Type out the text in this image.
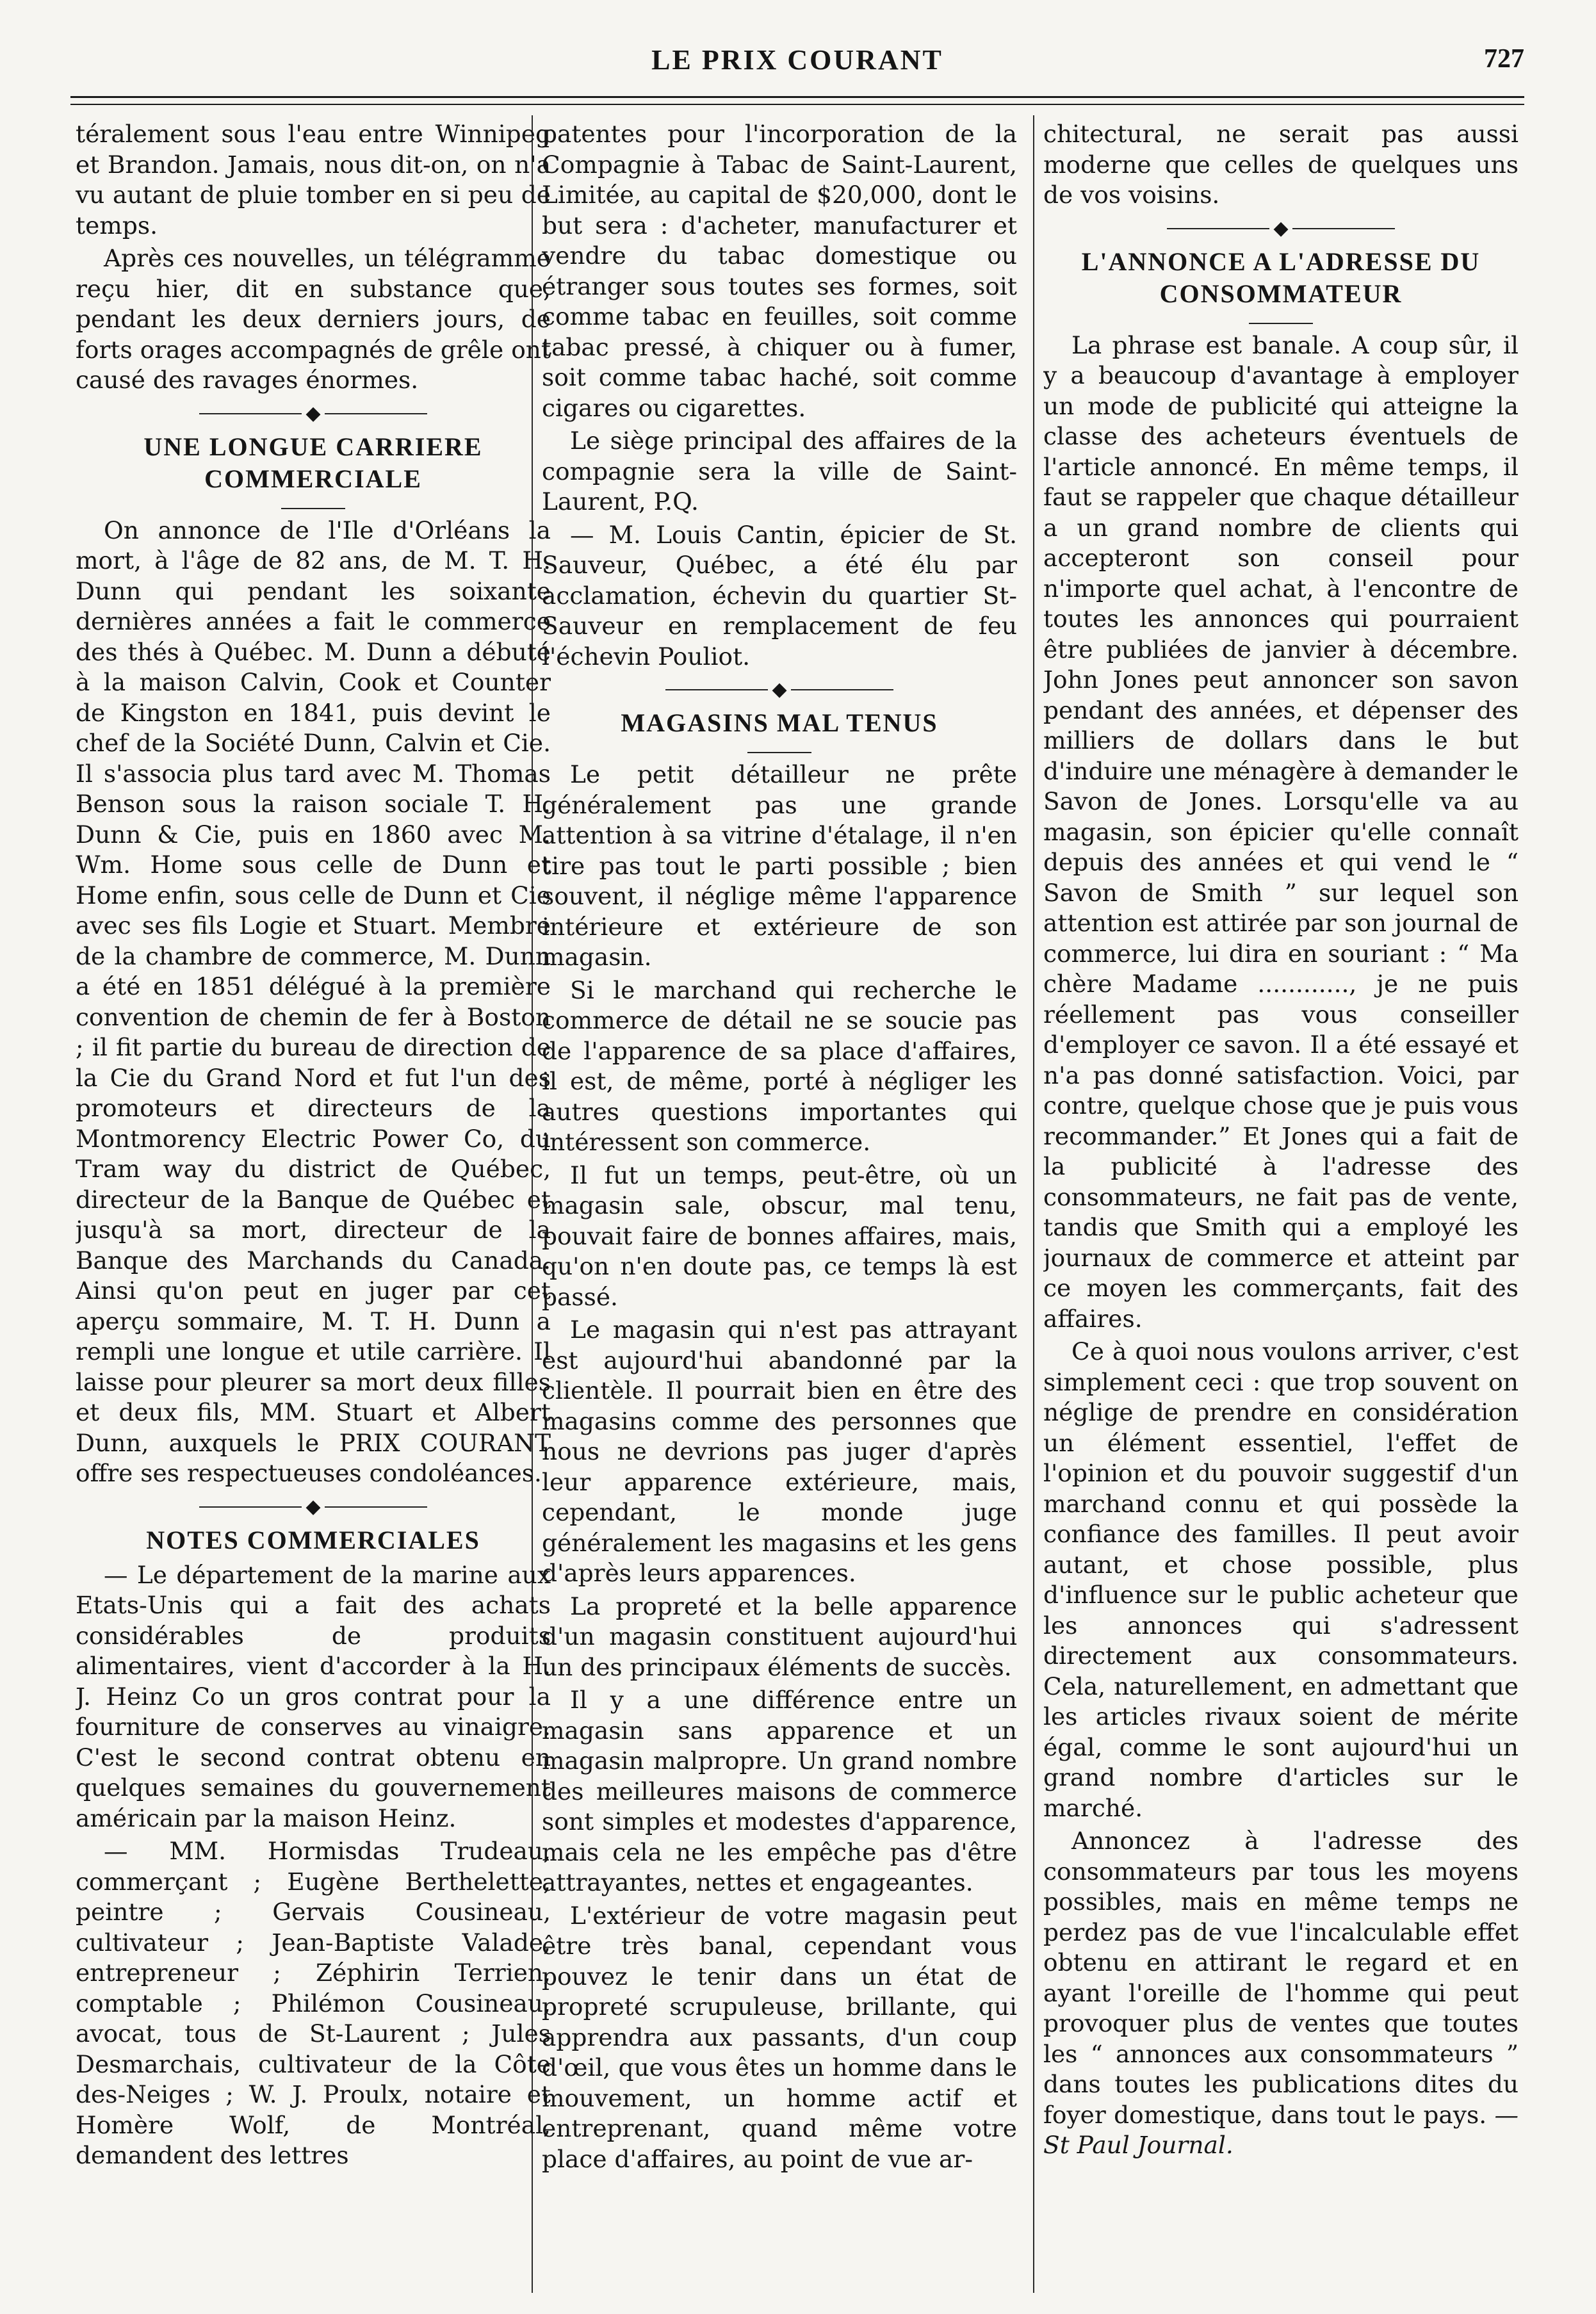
LE PRIX COURANT	727

téralement sous l'eau entre Winnipeg et Brandon. Jamais, nous dit-on, on n'a vu autant de pluie tomber en si peu de temps.

Après ces nouvelles, un télégramme reçu hier, dit en substance que, pendant les deux derniers jours, de forts orages accompagnés de grêle ont causé des ravages énormes.

◆
UNE LONGUE CARRIERE COMMERCIALE

On annonce de l'Ile d'Orléans la mort, à l'âge de 82 ans, de M. T. H. Dunn qui pendant les soixante dernières années a fait le commerce des thés à Québec. M. Dunn a débuté à la maison Calvin, Cook et Counter de Kingston en 1841, puis devint le chef de la Société Dunn, Calvin et Cie. Il s'associa plus tard avec M. Thomas Benson sous la raison sociale T. H. Dunn & Cie, puis en 1860 avec M. Wm. Home sous celle de Dunn et Home enfin, sous celle de Dunn et Cie avec ses fils Logie et Stuart. Membre de la chambre de commerce, M. Dunn a été en 1851 délégué à la première convention de chemin de fer à Boston ; il fit partie du bureau de direction de la Cie du Grand Nord et fut l'un des promoteurs et directeurs de la Montmorency Electric Power Co, du Tram way du district de Québec, directeur de la Banque de Québec et jusqu'à sa mort, directeur de la Banque des Marchands du Canada. Ainsi qu'on peut en juger par cet aperçu sommaire, M. T. H. Dunn a rempli une longue et utile carrière. Il laisse pour pleurer sa mort deux filles et deux fils, MM. Stuart et Albert Dunn, auxquels le PRIX COURANT offre ses respectueuses condoléances.

◆
NOTES COMMERCIALES

— Le département de la marine aux Etats-Unis qui a fait des achats considérables de produits alimentaires, vient d'accorder à la H. J. Heinz Co un gros contrat pour la fourniture de conserves au vinaigre. C'est le second contrat obtenu en quelques semaines du gouvernement américain par la maison Heinz.

— MM. Hormisdas Trudeau, commerçant ; Eugène Berthelette, peintre ; Gervais Cousineau, cultivateur ; Jean-Baptiste Valade, entrepreneur ; Zéphirin Terrien, comptable ; Philémon Cousineau, avocat, tous de St-Laurent ; Jules Desmarchais, cultivateur de la Côte des-Neiges ; W. J. Proulx, notaire et Homère Wolf, de Montréal, demandent des lettres

patentes pour l'incorporation de la Compagnie à Tabac de Saint-Laurent, Limitée, au capital de $20,000, dont le but sera : d'acheter, manufacturer et vendre du tabac domestique ou étranger sous toutes ses formes, soit comme tabac en feuilles, soit comme tabac pressé, à chiquer ou à fumer, soit comme tabac haché, soit comme cigares ou cigarettes.

Le siège principal des affaires de la compagnie sera la ville de Saint-Laurent, P.Q.

— M. Louis Cantin, épicier de St. Sauveur, Québec, a été élu par acclamation, échevin du quartier St-Sauveur en remplacement de feu l'échevin Pouliot.

◆
MAGASINS MAL TENUS

Le petit détailleur ne prête généralement pas une grande attention à sa vitrine d'étalage, il n'en tire pas tout le parti possible ; bien souvent, il néglige même l'apparence intérieure et extérieure de son magasin.

Si le marchand qui recherche le commerce de détail ne se soucie pas de l'apparence de sa place d'affaires, il est, de même, porté à négliger les autres questions importantes qui intéressent son commerce.

Il fut un temps, peut-être, où un magasin sale, obscur, mal tenu, pouvait faire de bonnes affaires, mais, qu'on n'en doute pas, ce temps là est passé.

Le magasin qui n'est pas attrayant est aujourd'hui abandonné par la clientèle. Il pourrait bien en être des magasins comme des personnes que nous ne devrions pas juger d'après leur apparence extérieure, mais, cependant, le monde juge généralement les magasins et les gens d'après leurs apparences.

La propreté et la belle apparence d'un magasin constituent aujourd'hui un des principaux éléments de succès.

Il y a une différence entre un magasin sans apparence et un magasin malpropre. Un grand nombre des meilleures maisons de commerce sont simples et modestes d'apparence, mais cela ne les empêche pas d'être attrayantes, nettes et engageantes.

L'extérieur de votre magasin peut être très banal, cependant vous pouvez le tenir dans un état de propreté scrupuleuse, brillante, qui apprendra aux passants, d'un coup d'œil, que vous êtes un homme dans le mouvement, un homme actif et entreprenant, quand même votre place d'affaires, au point de vue ar-

chitectural, ne serait pas aussi moderne que celles de quelques uns de vos voisins.

◆
L'ANNONCE A L'ADRESSE DU CONSOMMATEUR

La phrase est banale. A coup sûr, il y a beaucoup d'avantage à employer un mode de publicité qui atteigne la classe des acheteurs éventuels de l'article annoncé. En même temps, il faut se rappeler que chaque détailleur a un grand nombre de clients qui accepteront son conseil pour n'importe quel achat, à l'encontre de toutes les annonces qui pourraient être publiées de janvier à décembre. John Jones peut annoncer son savon pendant des années, et dépenser des milliers de dollars dans le but d'induire une ménagère à demander le Savon de Jones. Lorsqu'elle va au magasin, son épicier qu'elle connaît depuis des années et qui vend le “ Savon de Smith ” sur lequel son attention est attirée par son journal de commerce, lui dira en souriant : “ Ma chère Madame ............, je ne puis réellement pas vous conseiller d'employer ce savon. Il a été essayé et n'a pas donné satisfaction. Voici, par contre, quelque chose que je puis vous recommander.” Et Jones qui a fait de la publicité à l'adresse des consommateurs, ne fait pas de vente, tandis que Smith qui a employé les journaux de commerce et atteint par ce moyen les commerçants, fait des affaires.

Ce à quoi nous voulons arriver, c'est simplement ceci : que trop souvent on néglige de prendre en considération un élément essentiel, l'effet de l'opinion et du pouvoir suggestif d'un marchand connu et qui possède la confiance des familles. Il peut avoir autant, et chose possible, plus d'influence sur le public acheteur que les annonces qui s'adressent directement aux consommateurs. Cela, naturellement, en admettant que les articles rivaux soient de mérite égal, comme le sont aujourd'hui un grand nombre d'articles sur le marché.

Annoncez à l'adresse des consommateurs par tous les moyens possibles, mais en même temps ne perdez pas de vue l'incalculable effet obtenu en attirant le regard et en ayant l'oreille de l'homme qui peut provoquer plus de ventes que toutes les “ annonces aux consommateurs ” dans toutes les publications dites du foyer domestique, dans tout le pays. — St Paul Journal.
